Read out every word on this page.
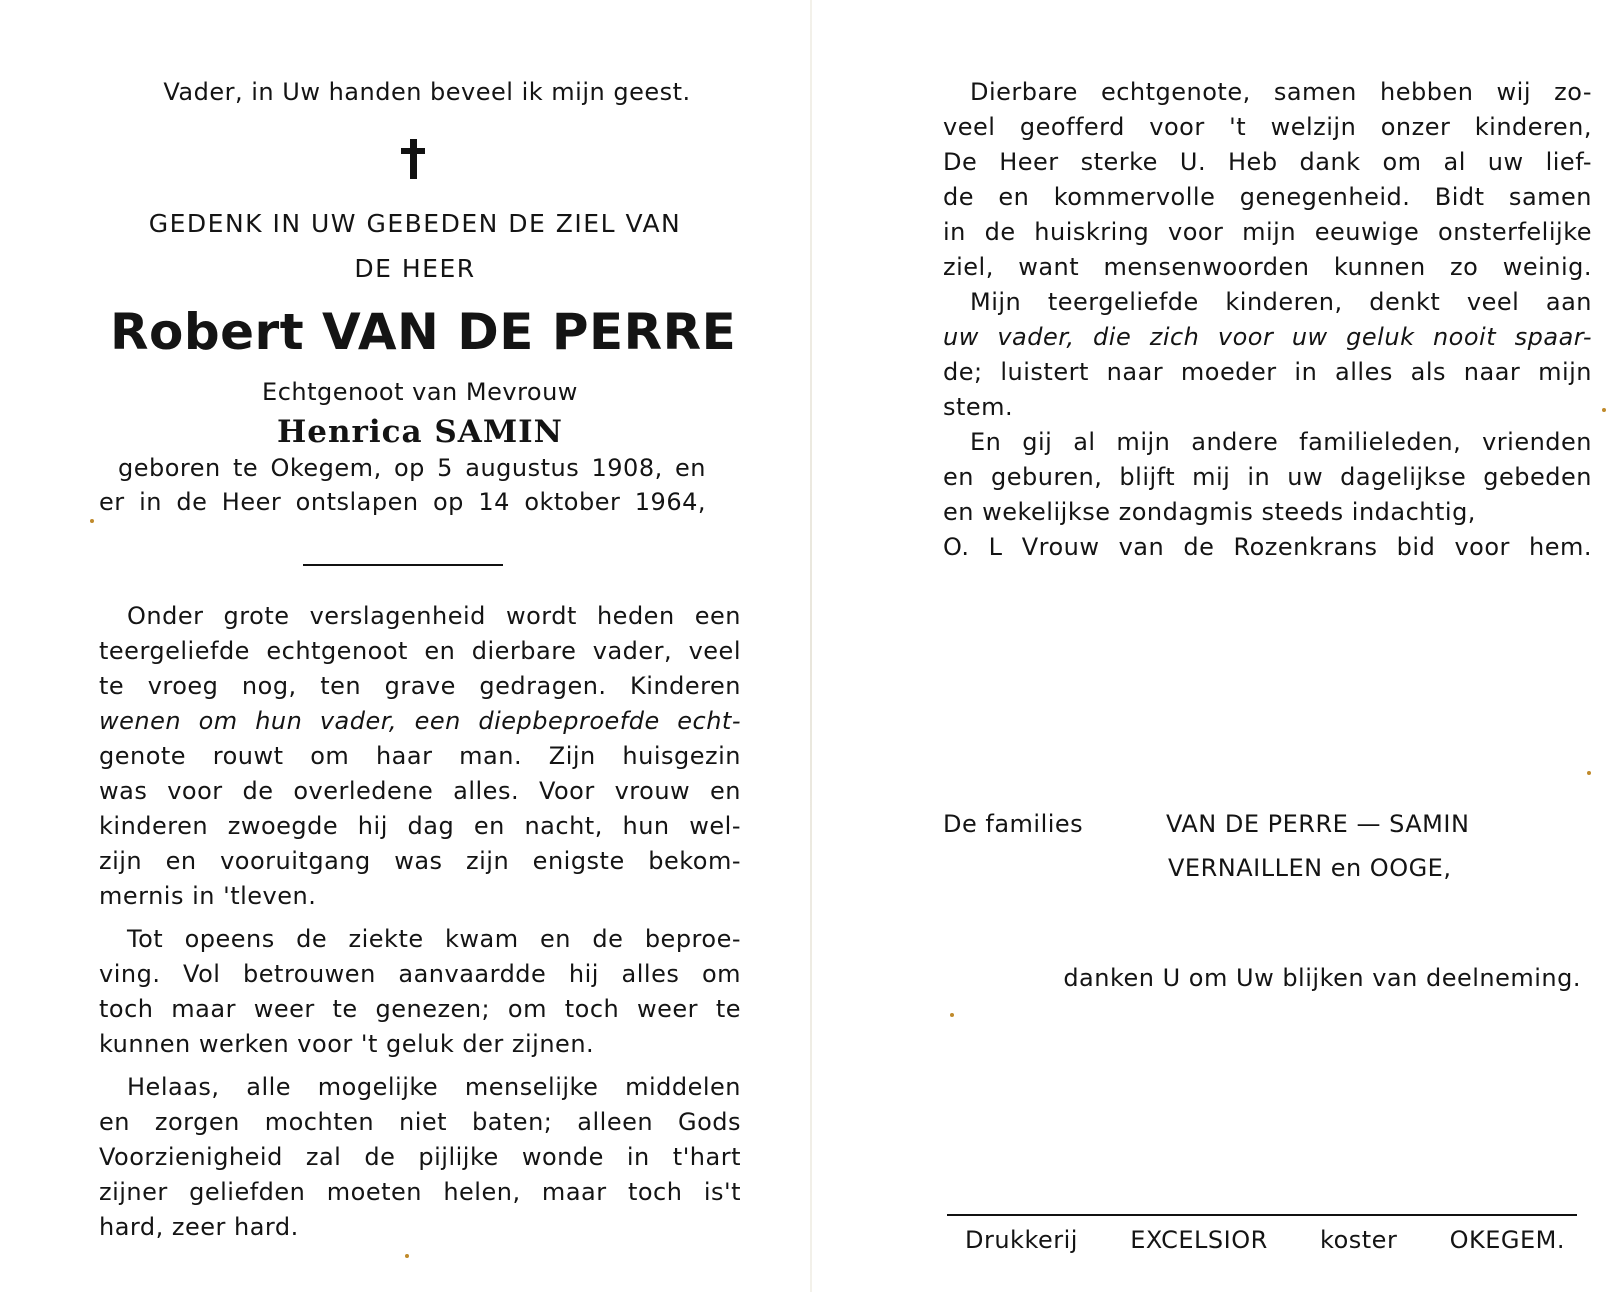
Vader, in Uw handen beveel ik mijn geest.
GEDENK IN UW GEBEDEN DE ZIEL VAN
DE HEER
Robert VAN DE PERRE
Echtgenoot van Mevrouw
Henrica SAMIN
geboren te Okegem, op 5 augustus 1908, en
er in de Heer ontslapen op 14 oktober 1964,
Onder grote verslagenheid wordt heden een
teergeliefde echtgenoot en dierbare vader, veel
te vroeg nog, ten grave gedragen. Kinderen
wenen om hun vader, een diepbeproefde echt-
genote rouwt om haar man. Zijn huisgezin
was voor de overledene alles. Voor vrouw en
kinderen zwoegde hij dag en nacht, hun wel-
zijn en vooruitgang was zijn enigste bekom-
mernis in 'tleven.
Tot opeens de ziekte kwam en de beproe-
ving. Vol betrouwen aanvaardde hij alles om
toch maar weer te genezen; om toch weer te
kunnen werken voor 't geluk der zijnen.
Helaas, alle mogelijke menselijke middelen
en zorgen mochten niet baten; alleen Gods
Voorzienigheid zal de pijlijke wonde in t'hart
zijner geliefden moeten helen, maar toch is't
hard, zeer hard.
Dierbare echtgenote, samen hebben wij zo-
veel geofferd voor 't welzijn onzer kinderen,
De Heer sterke U. Heb dank om al uw lief-
de en kommervolle genegenheid. Bidt samen
in de huiskring voor mijn eeuwige onsterfelijke
ziel, want mensenwoorden kunnen zo weinig.
Mijn teergeliefde kinderen, denkt veel aan
uw vader, die zich voor uw geluk nooit spaar-
de; luistert naar moeder in alles als naar mijn
stem.
En gij al mijn andere familieleden, vrienden
en geburen, blijft mij in uw dagelijkse gebeden
en wekelijkse zondagmis steeds indachtig,
O. L Vrouw van de Rozenkrans bid voor hem.
De families	VAN DE PERRE — SAMIN
VERNAILLEN en OOGE,
danken U om Uw blijken van deelneming.
Drukkerij EXCELSIOR koster OKEGEM.
